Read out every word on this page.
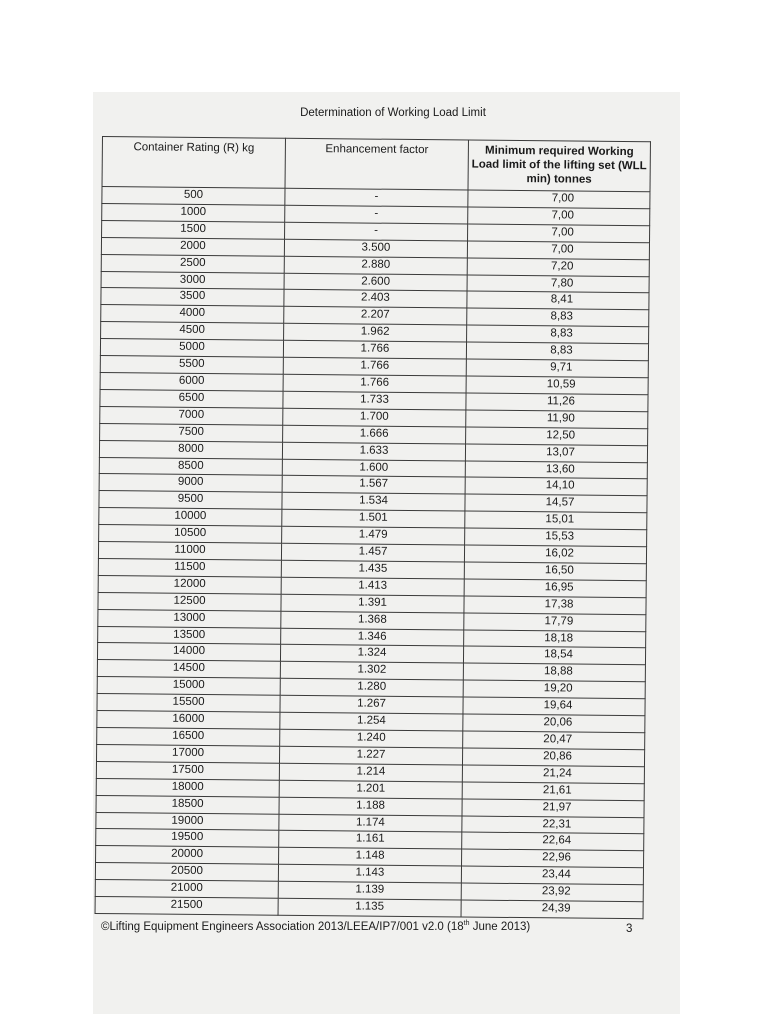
Determination of Working Load Limit
Container Rating (R) kg	Enhancement factor	Minimum required Working Load limit of the lifting set (WLL min) tonnes
500	-	7,00
1000	-	7,00
1500	-	7,00
2000	3.500	7,00
2500	2.880	7,20
3000	2.600	7,80
3500	2.403	8,41
4000	2.207	8,83
4500	1.962	8,83
5000	1.766	8,83
5500	1.766	9,71
6000	1.766	10,59
6500	1.733	11,26
7000	1.700	11,90
7500	1.666	12,50
8000	1.633	13,07
8500	1.600	13,60
9000	1.567	14,10
9500	1.534	14,57
10000	1.501	15,01
10500	1.479	15,53
11000	1.457	16,02
11500	1.435	16,50
12000	1.413	16,95
12500	1.391	17,38
13000	1.368	17,79
13500	1.346	18,18
14000	1.324	18,54
14500	1.302	18,88
15000	1.280	19,20
15500	1.267	19,64
16000	1.254	20,06
16500	1.240	20,47
17000	1.227	20,86
17500	1.214	21,24
18000	1.201	21,61
18500	1.188	21,97
19000	1.174	22,31
19500	1.161	22,64
20000	1.148	22,96
20500	1.143	23,44
21000	1.139	23,92
21500	1.135	24,39
©Lifting Equipment Engineers Association 2013/LEEA/IP7/001 v2.0 (18th June 2013)	3
